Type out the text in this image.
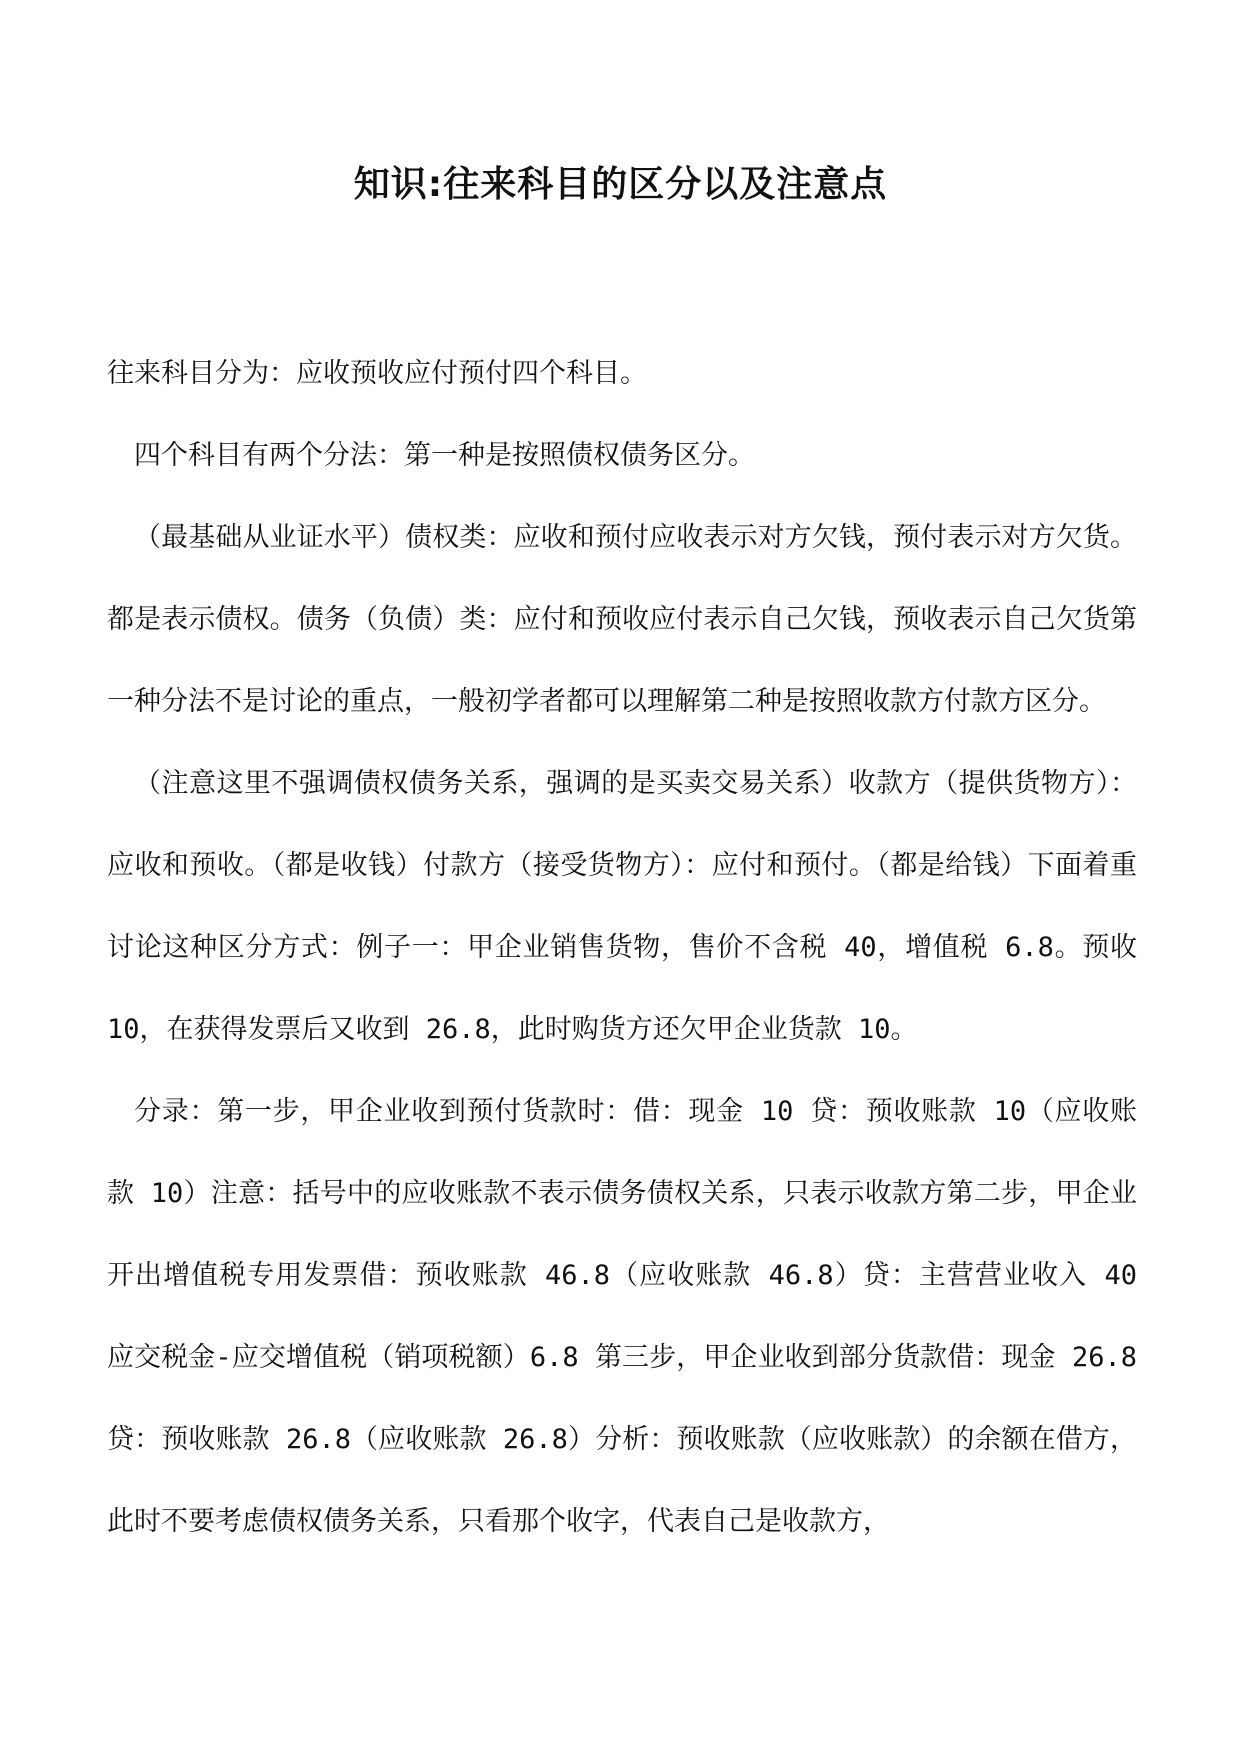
知识:往来科目的区分以及注意点

往来科目分为：应收预收应付预付四个科目。

四个科目有两个分法：第一种是按照债权债务区分。

（最基础从业证水平）债权类：应收和预付应收表示对方欠钱，预付表示对方欠货。都是表示债权。债务（负债）类：应付和预收应付表示自己欠钱，预收表示自己欠货第一种分法不是讨论的重点，一般初学者都可以理解第二种是按照收款方付款方区分。

（注意这里不强调债权债务关系，强调的是买卖交易关系）收款方（提供货物方）：应收和预收。（都是收钱）付款方（接受货物方）：应付和预付。（都是给钱）下面着重讨论这种区分方式：例子一：甲企业销售货物，售价不含税 40，增值税 6.8。预收 10，在获得发票后又收到 26.8，此时购货方还欠甲企业货款 10。

分录：第一步，甲企业收到预付货款时：借：现金 10 贷：预收账款 10（应收账款 10）注意：括号中的应收账款不表示债务债权关系，只表示收款方第二步，甲企业开出增值税专用发票借：预收账款 46.8（应收账款 46.8）贷：主营营业收入 40 应交税金-应交增值税（销项税额）6.8 第三步，甲企业收到部分货款借：现金 26.8 贷：预收账款 26.8（应收账款 26.8）分析：预收账款（应收账款）的余额在借方，此时不要考虑债权债务关系，只看那个收字，代表自己是收款方，
